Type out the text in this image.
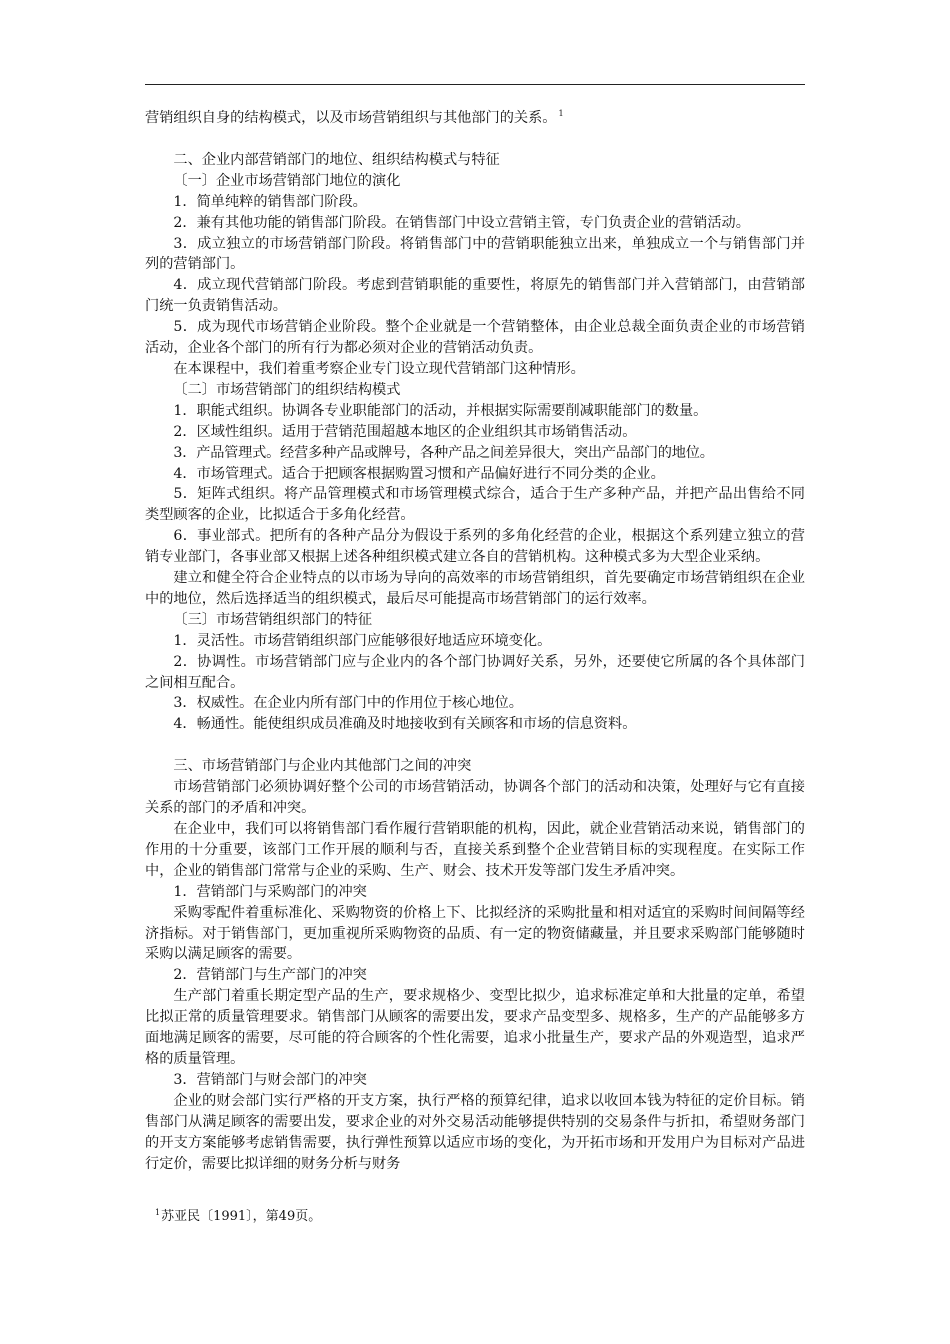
营销组织自身的结构模式，以及市场营销组织与其他部门的关系。 $^1$

二、企业内部营销部门的地位、组织结构模式与特征

〔一〕企业市场营销部门地位的演化

1．简单纯粹的销售部门阶段。

2．兼有其他功能的销售部门阶段。在销售部门中设立营销主管，专门负责企业的营销活动。

3．成立独立的市场营销部门阶段。将销售部门中的营销职能独立出来，单独成立一个与销售部门并列的营销部门。

4．成立现代营销部门阶段。考虑到营销职能的重要性，将原先的销售部门并入营销部门，由营销部门统一负责销售活动。

5．成为现代市场营销企业阶段。整个企业就是一个营销整体，由企业总裁全面负责企业的市场营销活动，企业各个部门的所有行为都必须对企业的营销活动负责。

在本课程中，我们着重考察企业专门设立现代营销部门这种情形。

〔二〕市场营销部门的组织结构模式

1．职能式组织。协调各专业职能部门的活动，并根据实际需要削减职能部门的数量。

2．区域性组织。适用于营销范围超越本地区的企业组织其市场销售活动。

3．产品管理式。经营多种产品或牌号，各种产品之间差异很大，突出产品部门的地位。

4．市场管理式。适合于把顾客根据购置习惯和产品偏好进行不同分类的企业。

5．矩阵式组织。将产品管理模式和市场管理模式综合，适合于生产多种产品，并把产品出售给不同类型顾客的企业，比拟适合于多角化经营。

6．事业部式。把所有的各种产品分为假设于系列的多角化经营的企业，根据这个系列建立独立的营销专业部门，各事业部又根据上述各种组织模式建立各自的营销机构。这种模式多为大型企业采纳。

建立和健全符合企业特点的以市场为导向的高效率的市场营销组织，首先要确定市场营销组织在企业中的地位，然后选择适当的组织模式，最后尽可能提高市场营销部门的运行效率。

〔三〕市场营销组织部门的特征

1．灵活性。市场营销组织部门应能够很好地适应环境变化。

2．协调性。市场营销部门应与企业内的各个部门协调好关系，另外，还要使它所属的各个具体部门之间相互配合。

3．权威性。在企业内所有部门中的作用位于核心地位。

4．畅通性。能使组织成员准确及时地接收到有关顾客和市场的信息资料。

三、市场营销部门与企业内其他部门之间的冲突

市场营销部门必须协调好整个公司的市场营销活动，协调各个部门的活动和决策，处理好与它有直接关系的部门的矛盾和冲突。

在企业中，我们可以将销售部门看作履行营销职能的机构，因此，就企业营销活动来说，销售部门的作用的十分重要，该部门工作开展的顺利与否，直接关系到整个企业营销目标的实现程度。在实际工作中，企业的销售部门常常与企业的采购、生产、财会、技术开发等部门发生矛盾冲突。

1．营销部门与采购部门的冲突

采购零配件着重标准化、采购物资的价格上下、比拟经济的采购批量和相对适宜的采购时间间隔等经济指标。对于销售部门，更加重视所采购物资的品质、有一定的物资储藏量，并且要求采购部门能够随时采购以满足顾客的需要。

2．营销部门与生产部门的冲突

生产部门着重长期定型产品的生产，要求规格少、变型比拟少，追求标准定单和大批量的定单，希望比拟正常的质量管理要求。销售部门从顾客的需要出发，要求产品变型多、规格多，生产的产品能够多方面地满足顾客的需要，尽可能的符合顾客的个性化需要，追求小批量生产，要求产品的外观造型，追求严格的质量管理。

3．营销部门与财会部门的冲突

企业的财会部门实行严格的开支方案，执行严格的预算纪律，追求以收回本钱为特征的定价目标。销售部门从满足顾客的需要出发，要求企业的对外交易活动能够提供特别的交易条件与折扣，希望财务部门的开支方案能够考虑销售需要，执行弹性预算以适应市场的变化，为开拓市场和开发用户为目标对产品进行定价，需要比拟详细的财务分析与财务

$^1$苏亚民〔1991〕，第49页。
